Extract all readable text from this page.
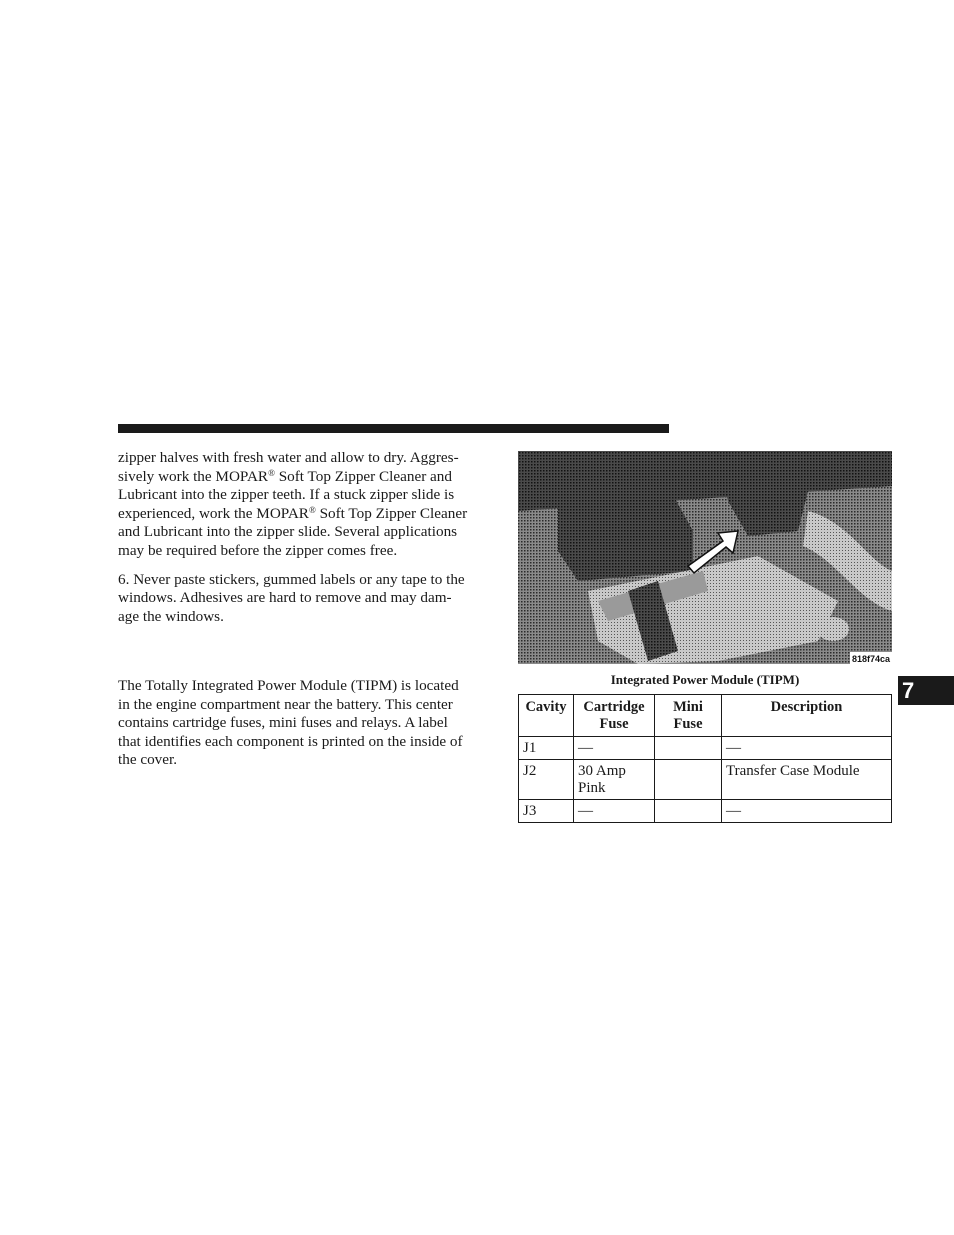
zipper halves with fresh water and allow to dry. Aggres-
sively work the MOPAR® Soft Top Zipper Cleaner and
Lubricant into the zipper teeth. If a stuck zipper slide is
experienced, work the MOPAR® Soft Top Zipper Cleaner
and Lubricant into the zipper slide. Several applications
may be required before the zipper comes free.

6. Never paste stickers, gummed labels or any tape to the
windows. Adhesives are hard to remove and may dam-
age the windows.

The Totally Integrated Power Module (TIPM) is located
in the engine compartment near the battery. This center
contains cartridge fuses, mini fuses and relays. A label
that identifies each component is printed on the inside of
the cover.

818f74ca
Integrated Power Module (TIPM)
Cavity	Cartridge Fuse	Mini Fuse	Description
J1	—		—
J2	30 Amp Pink		Transfer Case Module
J3	—		—
7
